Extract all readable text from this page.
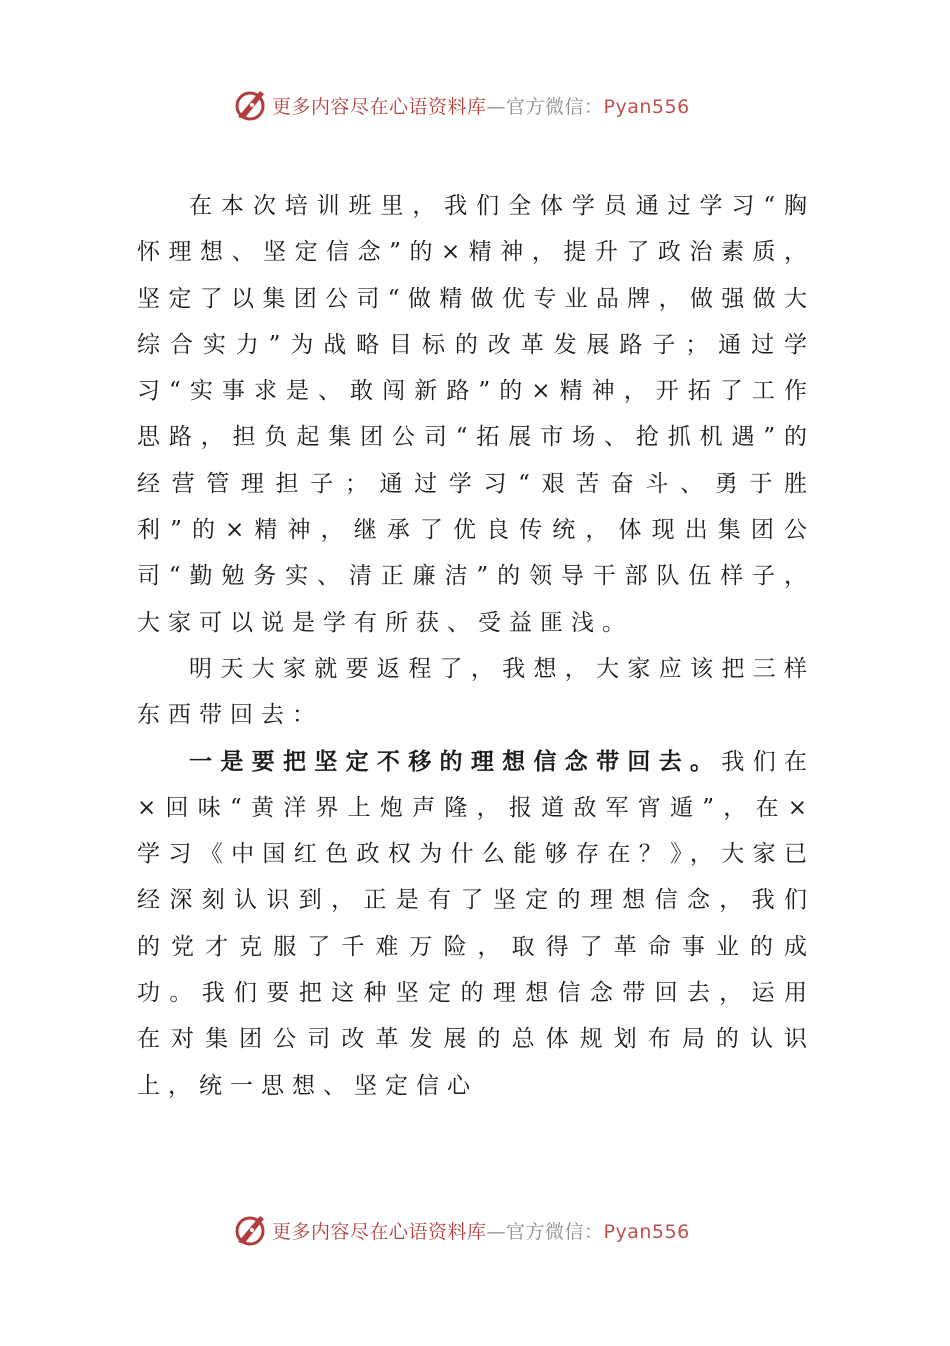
更多内容尽在心语资料库—官方微信：Pyan556

在本次培训班里，我们全体学员通过学习“胸怀理想、坚定信念”的×精神，提升了政治素质，坚定了以集团公司“做精做优专业品牌，做强做大综合实力”为战略目标的改革发展路子；通过学习“实事求是、敢闯新路”的×精神，开拓了工作思路，担负起集团公司“拓展市场、抢抓机遇”的经营管理担子；通过学习“艰苦奋斗、勇于胜利”的×精神，继承了优良传统，体现出集团公司“勤勉务实、清正廉洁”的领导干部队伍样子，大家可以说是学有所获、受益匪浅。

明天大家就要返程了，我想，大家应该把三样东西带回去：

一是要把坚定不移的理想信念带回去。我们在×回味“黄洋界上炮声隆，报道敌军宵遁”，在×学习《中国红色政权为什么能够存在？》，大家已经深刻认识到，正是有了坚定的理想信念，我们的党才克服了千难万险，取得了革命事业的成功。我们要把这种坚定的理想信念带回去，运用在对集团公司改革发展的总体规划布局的认识上，统一思想、坚定信心

更多内容尽在心语资料库—官方微信：Pyan556
